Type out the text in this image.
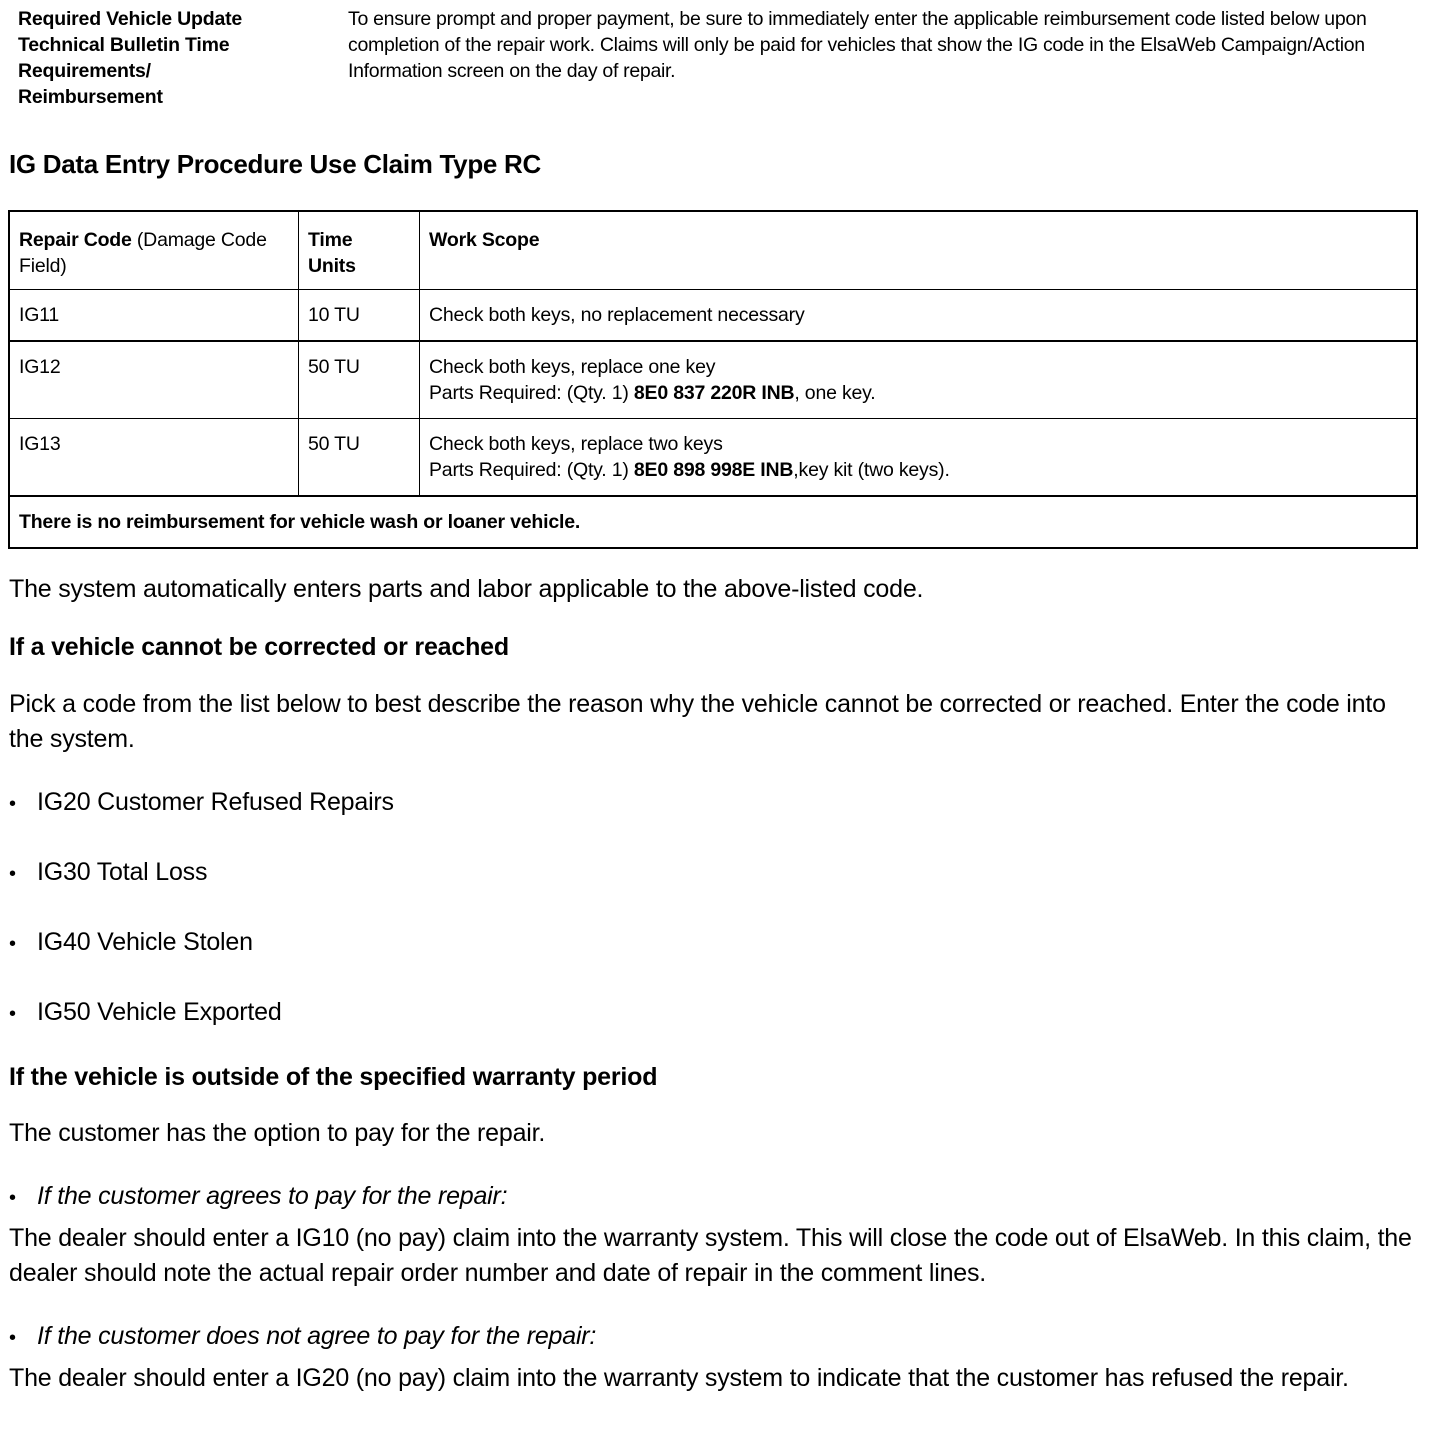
Required Vehicle Update
Technical Bulletin Time
Requirements/
Reimbursement
To ensure prompt and proper payment, be sure to immediately enter the applicable reimbursement code listed below upon completion of the repair work. Claims will only be paid for vehicles that show the IG code in the ElsaWeb Campaign/Action Information screen on the day of repair.
IG Data Entry Procedure Use Claim Type RC
Repair Code (Damage Code Field)	Time Units	Work Scope
IG11	10 TU	Check both keys, no replacement necessary

IG12	50 TU	Check both keys, replace one key
Parts Required: (Qty. 1) 8E0 837 220R INB, one key.

IG13	50 TU	Check both keys, replace two keys
Parts Required: (Qty. 1) 8E0 898 998E INB,key kit (two keys).

There is no reimbursement for vehicle wash or loaner vehicle.		
The system automatically enters parts and labor applicable to the above-listed code.
If a vehicle cannot be corrected or reached
Pick a code from the list below to best describe the reason why the vehicle cannot be corrected or reached. Enter the code into the system.
• IG20 Customer Refused Repairs
• IG30 Total Loss
• IG40 Vehicle Stolen
• IG50 Vehicle Exported
If the vehicle is outside of the specified warranty period
The customer has the option to pay for the repair.
• If the customer agrees to pay for the repair:
The dealer should enter a IG10 (no pay) claim into the warranty system. This will close the code out of ElsaWeb. In this claim, the dealer should note the actual repair order number and date of repair in the comment lines.
• If the customer does not agree to pay for the repair:
The dealer should enter a IG20 (no pay) claim into the warranty system to indicate that the customer has refused the repair.
